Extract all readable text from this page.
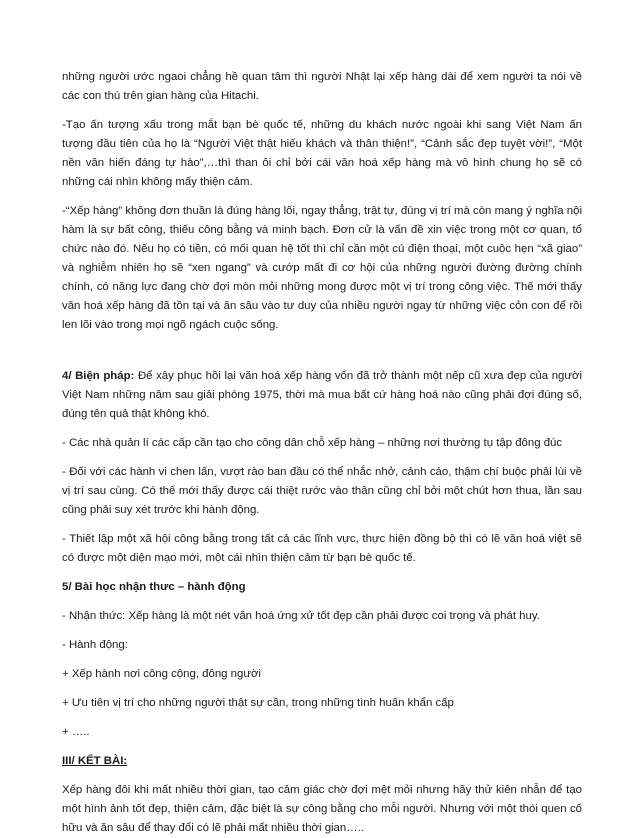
những người ước ngaoi chẳng hề quan tâm thì người Nhật lại xếp hàng dài để xem người ta nói về các con thú trên gian hàng của Hitachi.

-Tạo ấn tượng xấu trong mắt bạn bè quốc tế, những du khách nước ngoài khi sang Việt Nam ấn tượng đầu tiên của họ là “Người Việt thật hiếu khách và thân thiện!”, “Cảnh sắc đẹp tuyệt vời!”, “Một nền văn hiến đáng tự hào”,…thì than ôi chỉ bởi cái văn hoá xếp hàng mà vô hình chung họ sẽ có những cái nhìn không mấy thiện cảm.

-“Xếp hàng” không đơn thuần là đúng hàng lối, ngay thẳng, trật tự, đúng vị trí mà còn mang ý nghĩa nội hàm là sự bất công, thiếu công bằng và minh bạch. Đơn cử là vấn đề xin việc trong một cơ quan, tổ chức nào đó. Nếu họ có tiền, có mối quan hệ tốt thì chỉ cần một cú điện thoại, một cuộc hẹn “xã giao” và nghiễm nhiên họ sẽ “xen ngang” và cướp mất đi cơ hội của những người đường đường chính chính, có năng lực đang chờ đợi mòn mỏi những mong được một vị trí trong công việc. Thế mới thấy văn hoá xếp hàng đã tồn tại và ăn sâu vào tư duy của nhiều người ngay từ những việc cỏn con để rồi len lõi vào trong mọi ngõ ngách cuộc sống.

4/ Biện pháp: Để xây phục hồi lại văn hoá xếp hàng vốn đã trở thành một nếp cũ xưa đẹp của người Việt Nam những năm sau giải phóng 1975, thời mà mua bất cứ hàng hoá nào cũng phải đợi đúng số, đúng tên quả thật không khó.

- Các nhà quản lí các cấp cần tạo cho công dân chỗ xếp hàng – những nơi thường tụ tập đông đúc

- Đối với các hành vi chen lấn, vượt rào ban đầu có thể nhắc nhở, cảnh cáo, thậm chí buộc phải lùi về vị trí sau cùng. Có thế mới thấy được cái thiệt rước vào thân cũng chỉ bởi một chút hơn thua, lần sau cũng phải suy xét trước khi hành động.

- Thiết lập một xã hội công bằng trong tất cả các lĩnh vực, thực hiện đồng bộ thì có lẽ văn hoá việt sẽ có được một diện mạo mới, một cái nhìn thiện cảm từ bạn bè quốc tế.

5/ Bài học nhận thưc – hành động

- Nhận thức: Xếp hàng là một nét văn hoá ứng xử tốt đẹp cần phải được coi trọng và phát huy.

- Hành động:

+ Xếp hành nơi công cộng, đông người

+ Ưu tiên vị trí cho những người thật sự cần, trong những tình huấn khẩn cấp

+ …..

III/ KẾT BÀI:

Xếp hàng đôi khi mất nhiều thời gian, tạo cảm giác chờ đợi mệt mỏi nhưng hãy thử kiên nhẫn để tạo một hình ảnh tốt đẹp, thiện cảm, đặc biệt là sự công bằng cho mỗi người. Nhưng với một thói quen cố hữu và ăn sâu để thay đổi có lẽ phải mất nhiều thời gian…..
